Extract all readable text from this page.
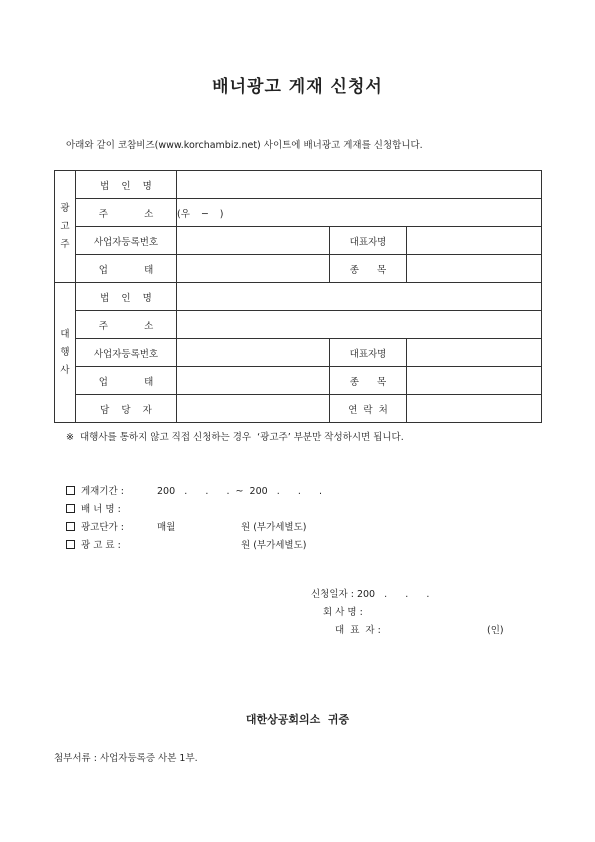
배너광고 게재 신청서
아래와 같이 코참비즈(www.korchambiz.net) 사이트에 배너광고 게재를 신청합니다.
광
고
주	법    인    명			
	주            소	(우    ─    )		
	사업자등록번호		대표자명	
	업            태		종      목	

대
행
사	법    인    명			
	주            소			
	사업자등록번호		대표자명	
	업            태		종      목	
	담    당    자		연  락  처	
※  대행사를 통하지 않고 직접 신청하는 경우  ‘광고주’ 부분만 작성하시면 됩니다.
게재기간 :	200   .      .      .  ~  200   .      .      .
배 너 명 :
광고단가 :	매월	원 (부가세별도)
광 고 료 :	원 (부가세별도)
신청일자 : 200   .      .      .
회 사 명 :
대  표  자 :	(인)
대한상공회의소  귀중
첨부서류 : 사업자등록증 사본 1부.
